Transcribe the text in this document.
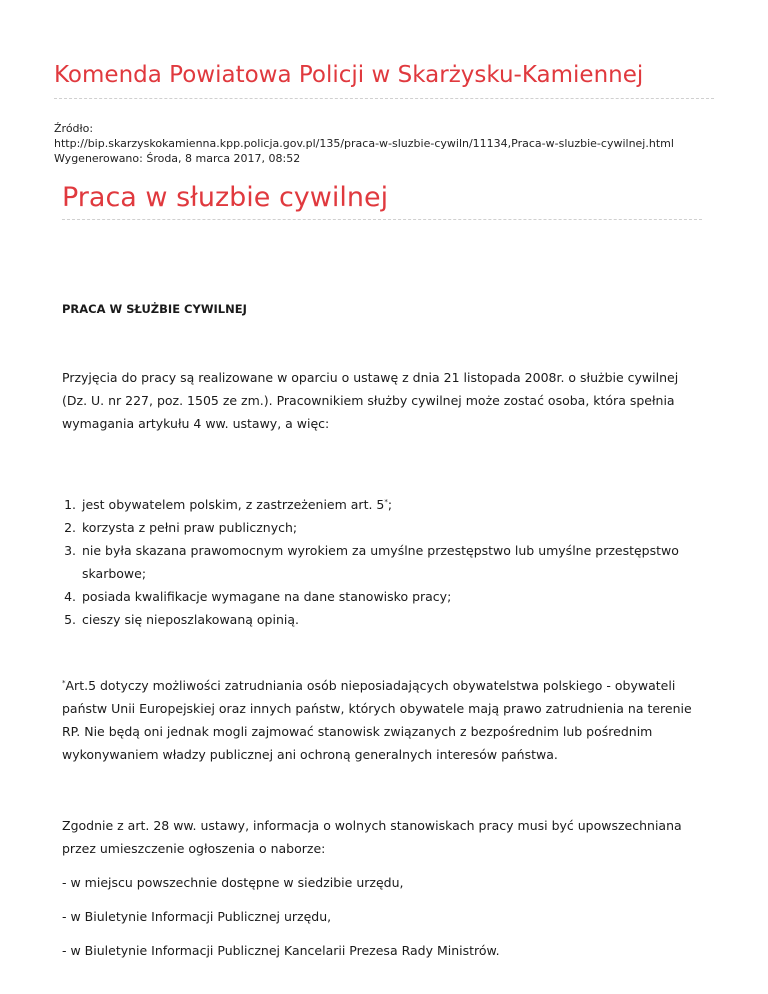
Komenda Powiatowa Policji w Skarżysku-Kamiennej
Źródło:
http://bip.skarzyskokamienna.kpp.policja.gov.pl/135/praca-w-sluzbie-cywiln/11134,Praca-w-sluzbie-cywilnej.html
Wygenerowano: Środa, 8 marca 2017, 08:52
Praca w słuzbie cywilnej

PRACA W SŁUŻBIE CYWILNEJ

Przyjęcia do pracy są realizowane w oparciu o ustawę z dnia 21 listopada 2008r. o służbie cywilnej (Dz. U. nr 227, poz. 1505 ze zm.). Pracownikiem służby cywilnej może zostać osoba, która spełnia wymagania artykułu 4 ww. ustawy, a więc:

1. jest obywatelem polskim, z zastrzeżeniem art. 5*;
2. korzysta z pełni praw publicznych;
3. nie była skazana prawomocnym wyrokiem za umyślne przestępstwo lub umyślne przestępstwo skarbowe;
4. posiada kwalifikacje wymagane na dane stanowisko pracy;
5. cieszy się nieposzlakowaną opinią.

*Art.5 dotyczy możliwości zatrudniania osób nieposiadających obywatelstwa polskiego - obywateli państw Unii Europejskiej oraz innych państw, których obywatele mają prawo zatrudnienia na terenie RP. Nie będą oni jednak mogli zajmować stanowisk związanych z bezpośrednim lub pośrednim wykonywaniem władzy publicznej ani ochroną generalnych interesów państwa.

Zgodnie z art. 28 ww. ustawy, informacja o wolnych stanowiskach pracy musi być upowszechniana przez umieszczenie ogłoszenia o naborze:

- w miejscu powszechnie dostępne w siedzibie urzędu,

- w Biuletynie Informacji Publicznej urzędu,

- w Biuletynie Informacji Publicznej Kancelarii Prezesa Rady Ministrów.
